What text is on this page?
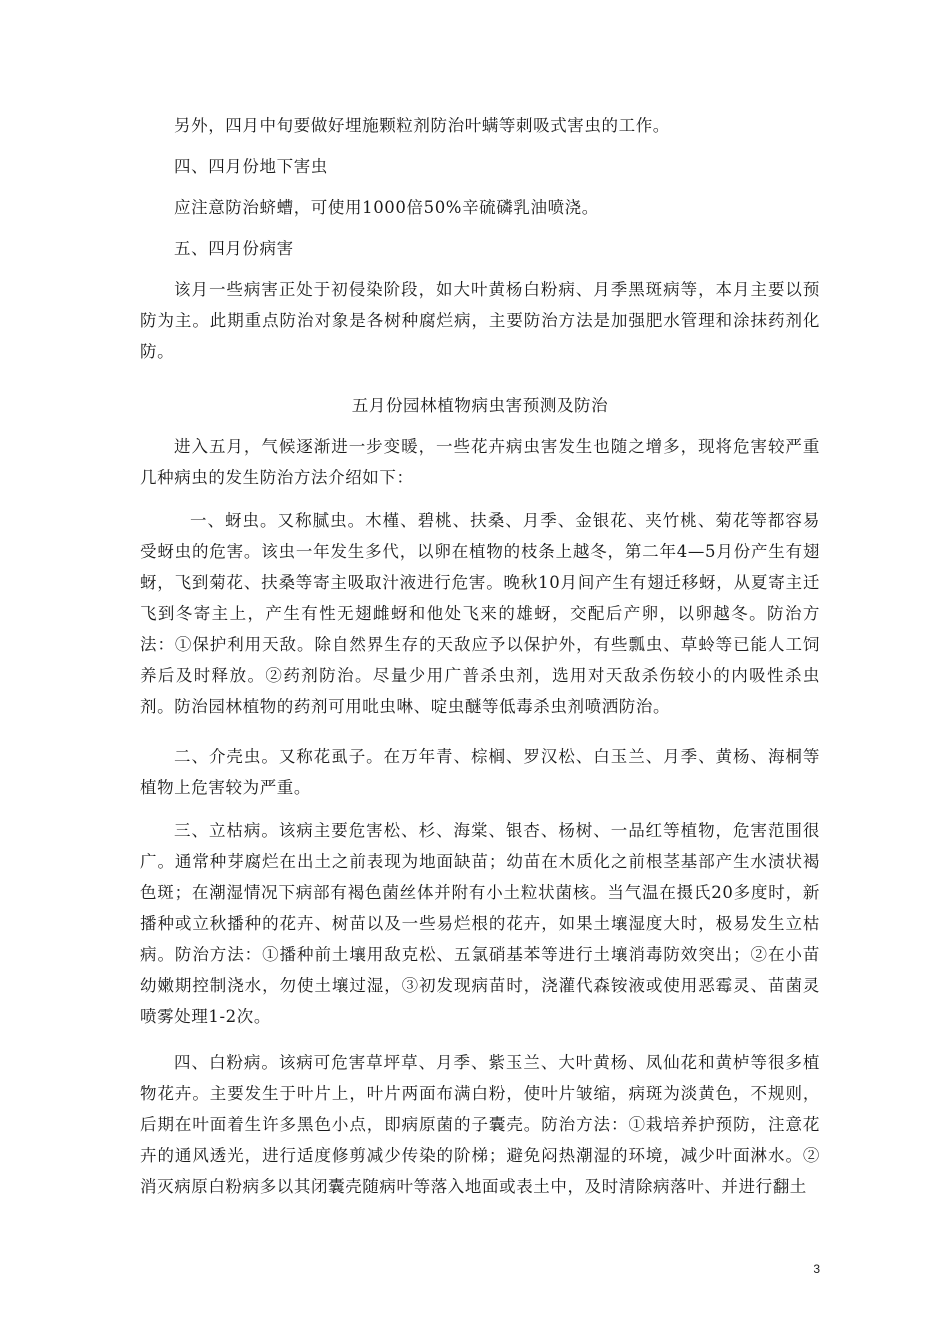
另外，四月中旬要做好埋施颗粒剂防治叶螨等刺吸式害虫的工作。

四、四月份地下害虫

应注意防治蛴螬，可使用1000倍50%辛硫磷乳油喷浇。

五、四月份病害

该月一些病害正处于初侵染阶段，如大叶黄杨白粉病、月季黑斑病等，本月主要以预防为主。此期重点防治对象是各树种腐烂病，主要防治方法是加强肥水管理和涂抹药剂化防。

五月份园林植物病虫害预测及防治

进入五月，气候逐渐进一步变暖，一些花卉病虫害发生也随之增多，现将危害较严重几种病虫的发生防治方法介绍如下：

一、蚜虫。又称腻虫。木槿、碧桃、扶桑、月季、金银花、夹竹桃、菊花等都容易受蚜虫的危害。该虫一年发生多代，以卵在植物的枝条上越冬，第二年4—5月份产生有翅蚜，飞到菊花、扶桑等寄主吸取汁液进行危害。晚秋10月间产生有翅迁移蚜，从夏寄主迁飞到冬寄主上，产生有性无翅雌蚜和他处飞来的雄蚜，交配后产卵，以卵越冬。防治方法：①保护利用天敌。除自然界生存的天敌应予以保护外，有些瓢虫、草蛉等已能人工饲养后及时释放。②药剂防治。尽量少用广普杀虫剂，选用对天敌杀伤较小的内吸性杀虫剂。防治园林植物的药剂可用吡虫啉、啶虫醚等低毒杀虫剂喷洒防治。

二、介壳虫。又称花虱子。在万年青、棕榈、罗汉松、白玉兰、月季、黄杨、海桐等植物上危害较为严重。

三、立枯病。该病主要危害松、杉、海棠、银杏、杨树、一品红等植物，危害范围很广。通常种芽腐烂在出土之前表现为地面缺苗；幼苗在木质化之前根茎基部产生水渍状褐色斑；在潮湿情况下病部有褐色菌丝体并附有小土粒状菌核。当气温在摄氏20多度时，新播种或立秋播种的花卉、树苗以及一些易烂根的花卉，如果土壤湿度大时，极易发生立枯病。防治方法：①播种前土壤用敌克松、五氯硝基苯等进行土壤消毒防效突出；②在小苗幼嫩期控制浇水，勿使土壤过湿，③初发现病苗时，浇灌代森铵液或使用恶霉灵、苗菌灵喷雾处理1-2次。

四、白粉病。该病可危害草坪草、月季、紫玉兰、大叶黄杨、凤仙花和黄栌等很多植物花卉。主要发生于叶片上，叶片两面布满白粉，使叶片皱缩，病斑为淡黄色，不规则，后期在叶面着生许多黑色小点，即病原菌的子囊壳。防治方法：①栽培养护预防，注意花卉的通风透光，进行适度修剪减少传染的阶梯；避免闷热潮湿的环境，减少叶面淋水。②消灭病原白粉病多以其闭囊壳随病叶等落入地面或表土中，及时清除病落叶、并进行翻土

3
